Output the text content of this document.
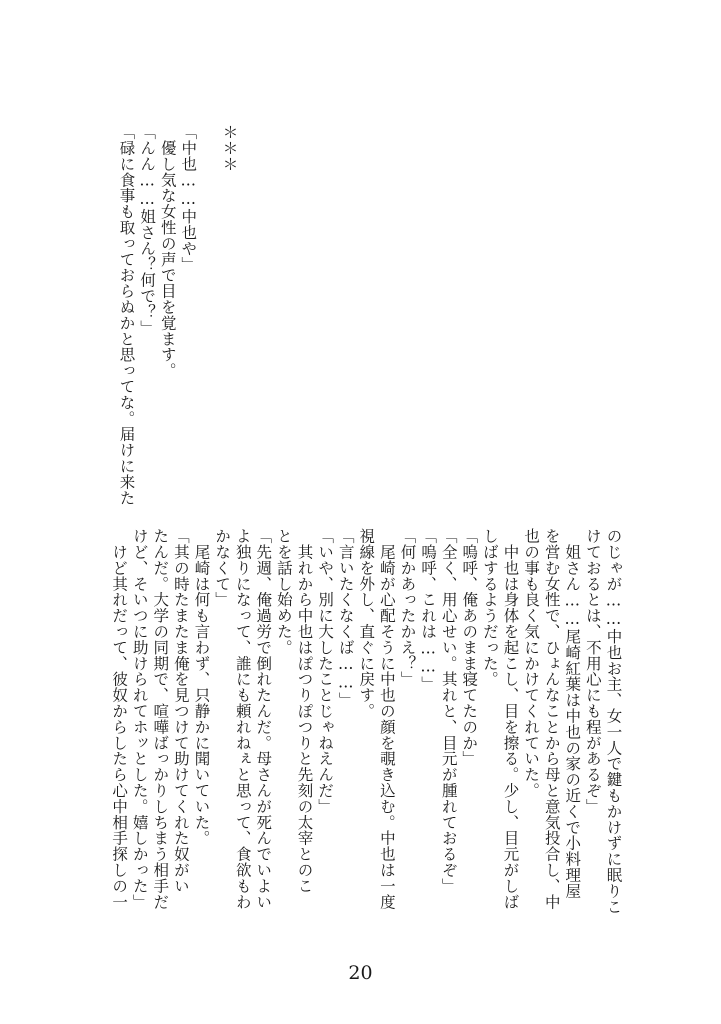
＊＊＊
「中也……中也や」
　優し気な女性の声で目を覚ます。
「んん……姐さん？何で？」
「碌に食事も取っておらぬかと思ってな。届けに来た
のじゃが……中也お主、女一人で鍵もかけずに眠りこ
けておるとは、不用心にも程があるぞ」
　姐さん……尾崎紅葉は中也の家の近くで小料理屋
を営む女性で、ひょんなことから母と意気投合し、中
也の事も良く気にかけてくれていた。
　中也は身体を起こし、目を擦る。少し、目元がしば
しばするようだった。
「嗚呼、俺あのまま寝てたのか」
「全く、用心せい。其れと、目元が腫れておるぞ」
「嗚呼、これは……」
「何かあったかえ？」
　尾崎が心配そうに中也の顔を覗き込む。中也は一度
視線を外し、直ぐに戻す。
「言いたくなくば……」
「いや、別に大したことじゃねえんだ」
　其れから中也はぽつりぽつりと先刻の太宰とのこ
とを話し始めた。
「先週、俺過労で倒れたんだ。母さんが死んでいよい
よ独りになって、誰にも頼れねぇと思って、食欲もわ
かなくて」
　尾崎は何も言わず、只静かに聞いていた。
「其の時たまたま俺を見つけて助けてくれた奴がい
たんだ。大学の同期で、喧嘩ばっかりしちまう相手だ
けど、そいつに助けられてホッとした。嬉しかった」
　けど其れだって、彼奴からしたら心中相手探しの一
20
